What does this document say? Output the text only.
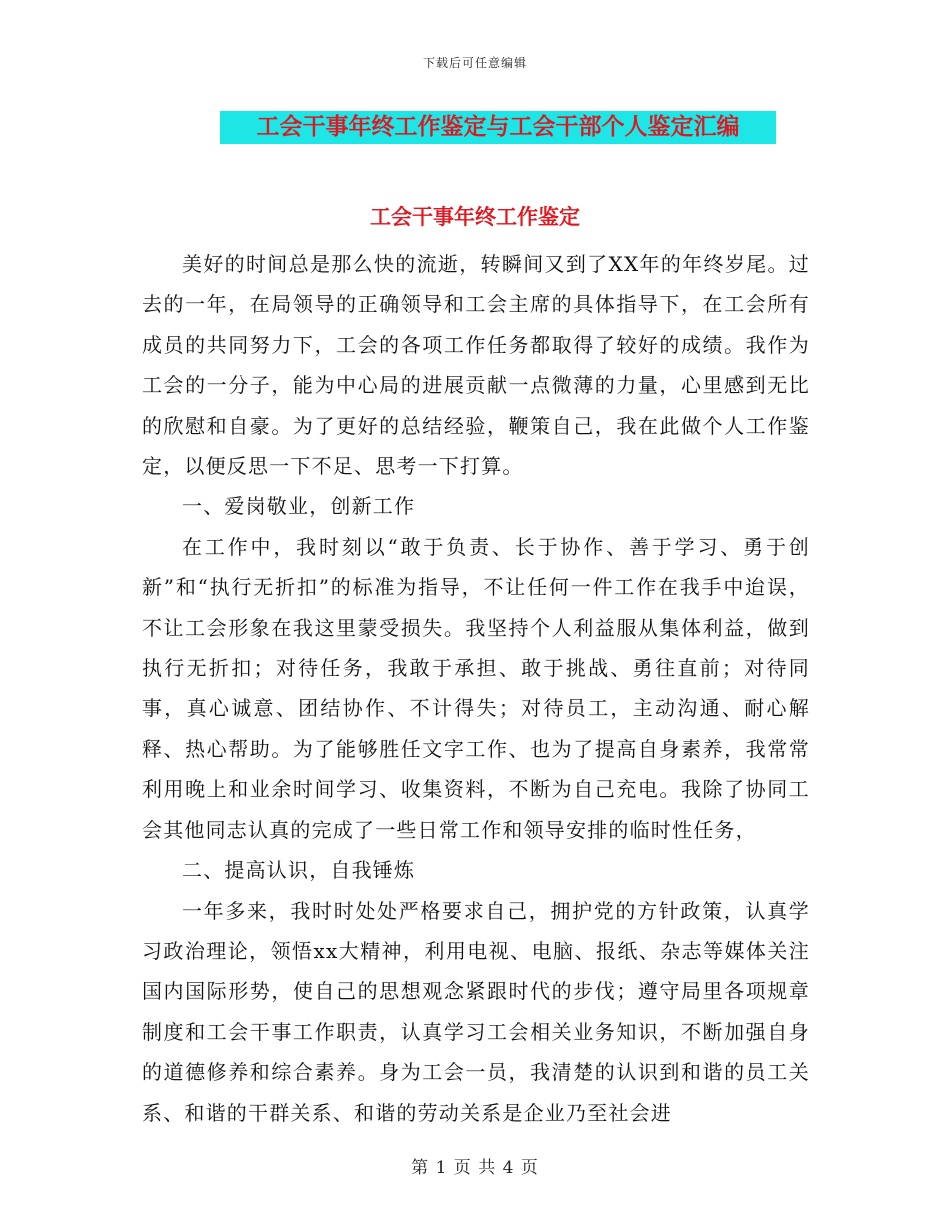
下载后可任意编辑
工会干事年终工作鉴定与工会干部个人鉴定汇编
工会干事年终工作鉴定

美好的时间总是那么快的流逝，转瞬间又到了XX年的年终岁尾。过去的一年，在局领导的正确领导和工会主席的具体指导下，在工会所有成员的共同努力下，工会的各项工作任务都取得了较好的成绩。我作为工会的一分子，能为中心局的进展贡献一点微薄的力量，心里感到无比的欣慰和自豪。为了更好的总结经验，鞭策自己，我在此做个人工作鉴定，以便反思一下不足、思考一下打算。

一、爱岗敬业，创新工作

在工作中，我时刻以“敢于负责、长于协作、善于学习、勇于创新”和“执行无折扣”的标准为指导，不让任何一件工作在我手中迨误，不让工会形象在我这里蒙受损失。我坚持个人利益服从集体利益，做到执行无折扣；对待任务，我敢于承担、敢于挑战、勇往直前；对待同事，真心诚意、团结协作、不计得失；对待员工，主动沟通、耐心解释、热心帮助。为了能够胜任文字工作、也为了提高自身素养，我常常利用晚上和业余时间学习、收集资料，不断为自己充电。我除了协同工会其他同志认真的完成了一些日常工作和领导安排的临时性任务，

二、提高认识，自我锤炼

一年多来，我时时处处严格要求自己，拥护党的方针政策，认真学习政治理论，领悟xx大精神，利用电视、电脑、报纸、杂志等媒体关注国内国际形势，使自己的思想观念紧跟时代的步伐；遵守局里各项规章制度和工会干事工作职责，认真学习工会相关业务知识，不断加强自身的道德修养和综合素养。身为工会一员，我清楚的认识到和谐的员工关系、和谐的干群关系、和谐的劳动关系是企业乃至社会进

第 1 页 共 4 页
